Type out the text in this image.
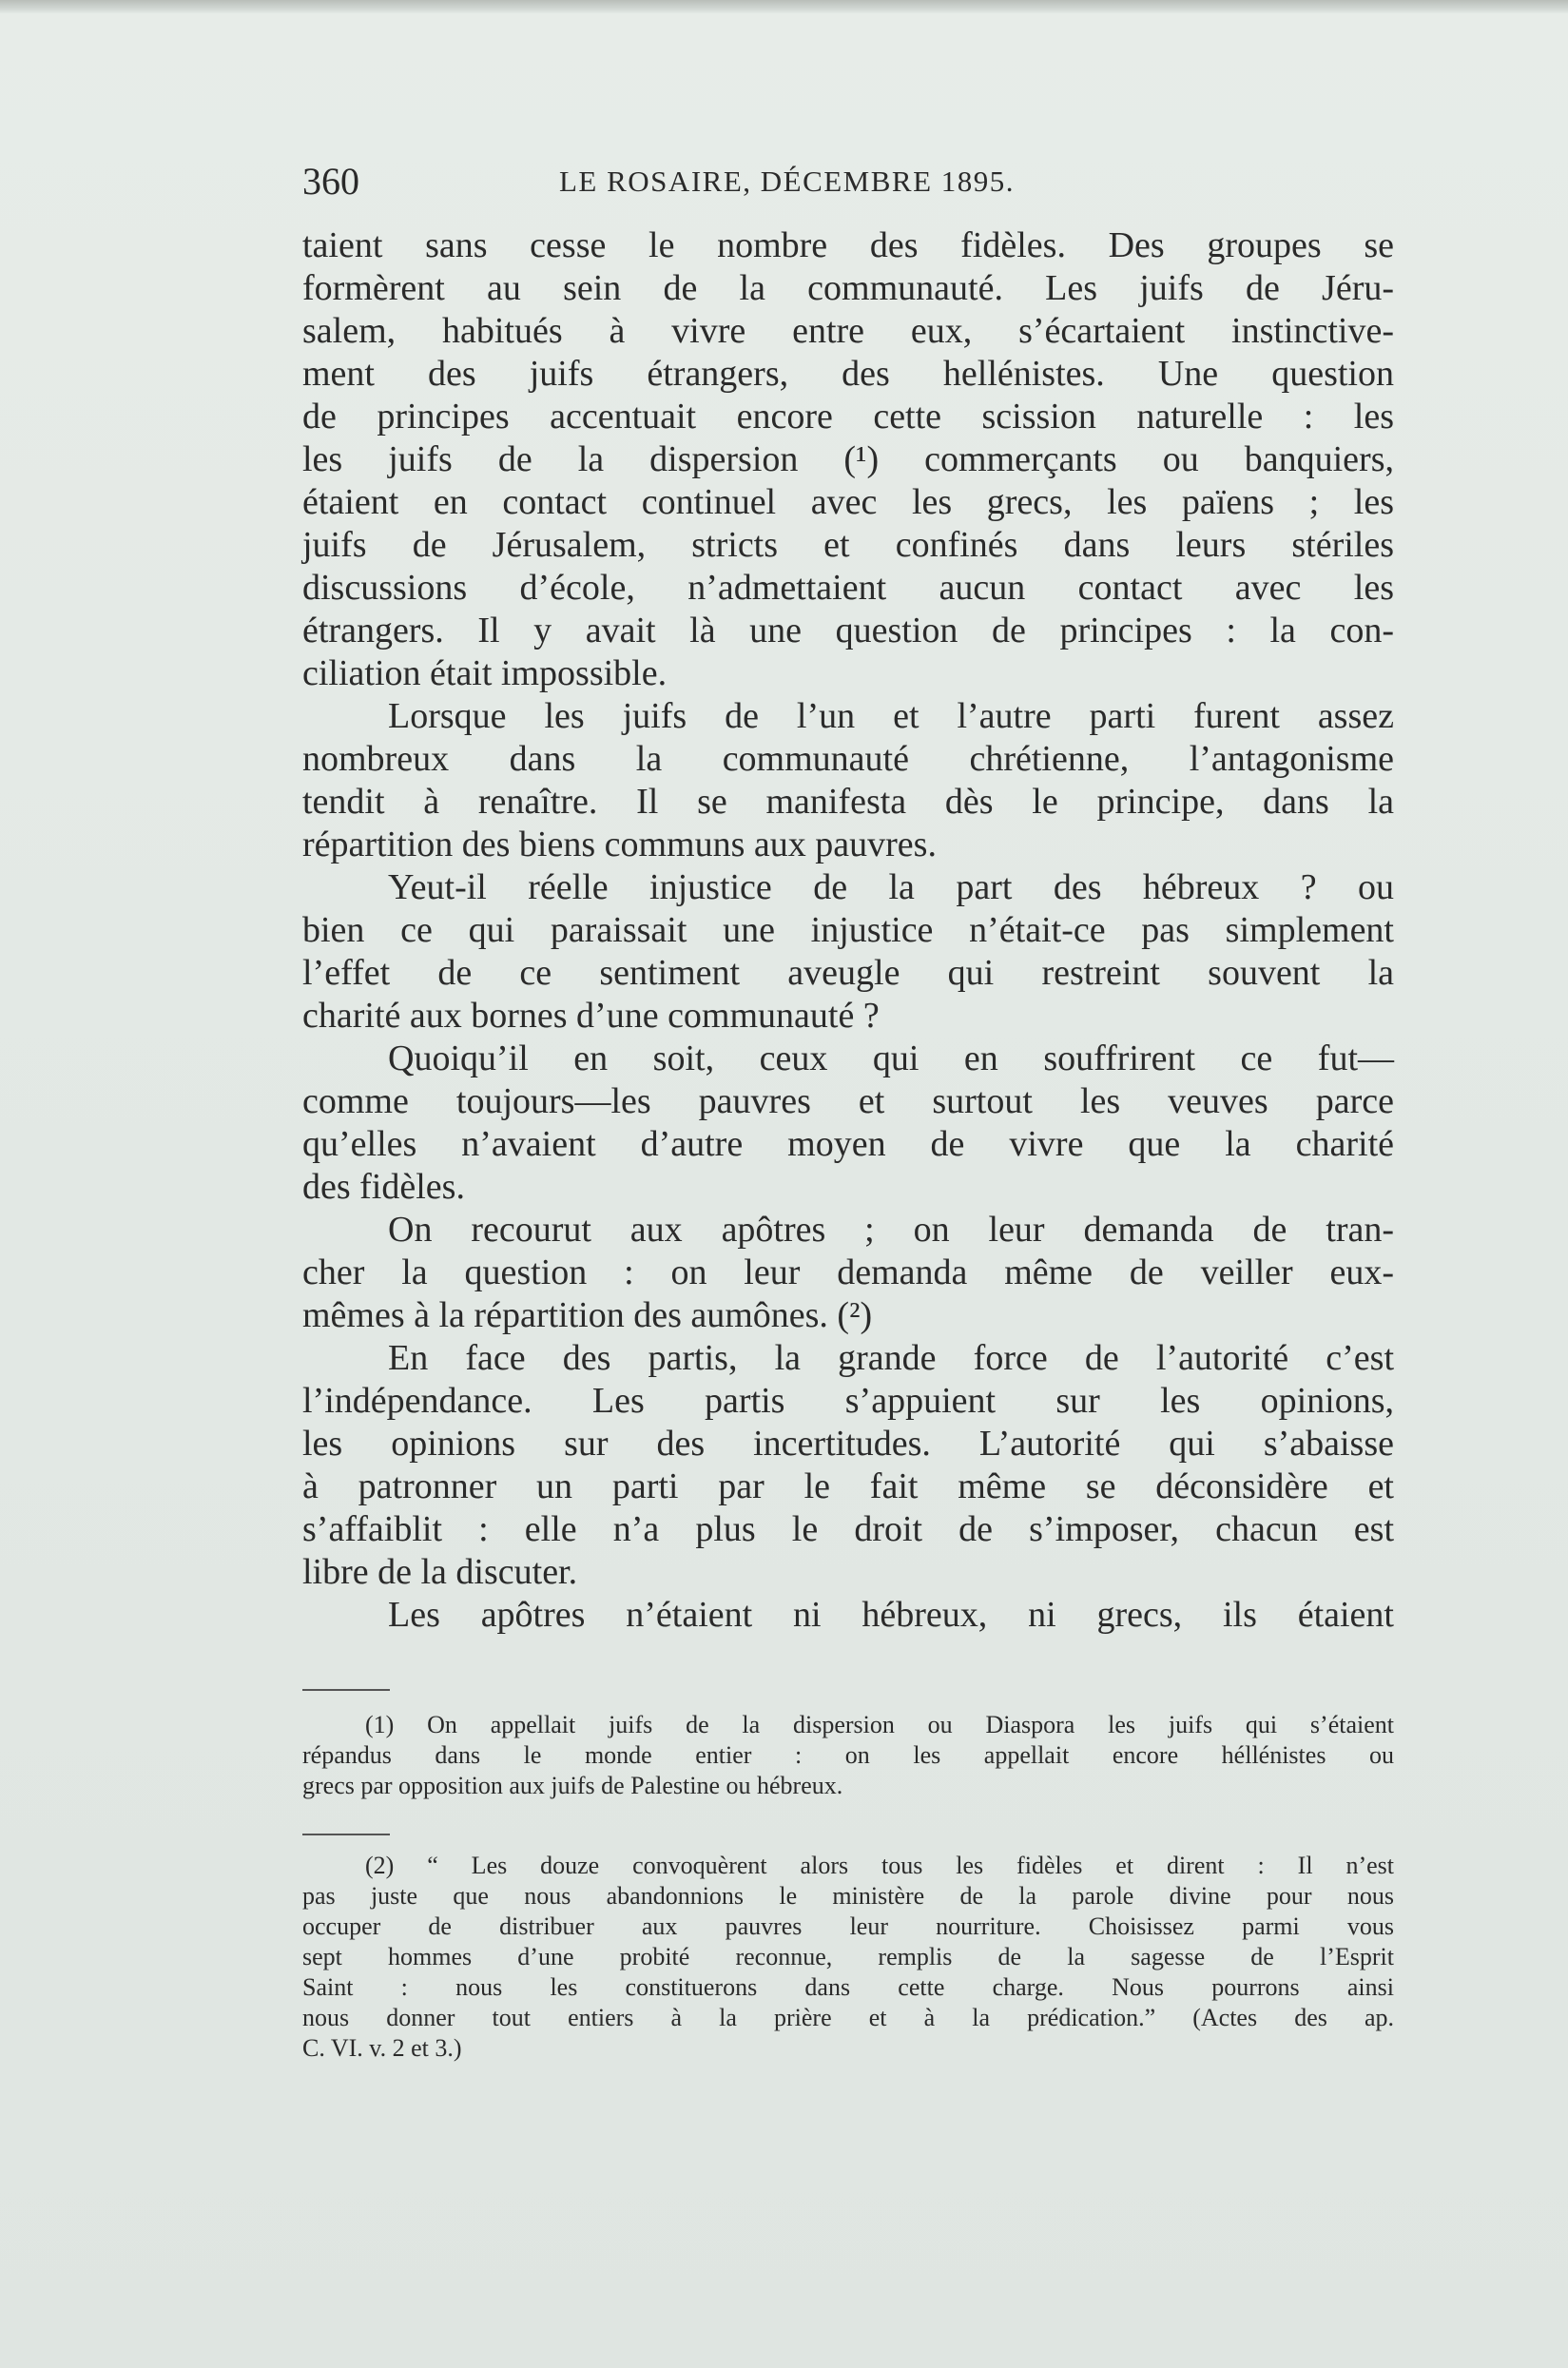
360	LE ROSAIRE, DÉCEMBRE 1895.
taient sans cesse le nombre des fidèles. Des groupes se
formèrent au sein de la communauté. Les juifs de Jéru-
salem, habitués à vivre entre eux, s’écartaient instinctive-
ment des juifs étrangers, des hellénistes. Une question
de principes accentuait encore cette scission naturelle : les
les juifs de la dispersion (¹) commerçants ou banquiers,
étaient en contact continuel avec les grecs, les païens ; les
juifs de Jérusalem, stricts et confinés dans leurs stériles
discussions d’école, n’admettaient aucun contact avec les
étrangers. Il y avait là une question de principes : la con-
ciliation était impossible.
Lorsque les juifs de l’un et l’autre parti furent assez
nombreux dans la communauté chrétienne, l’antagonisme
tendit à renaître. Il se manifesta dès le principe, dans la
répartition des biens communs aux pauvres.
Yeut-il réelle injustice de la part des hébreux ? ou
bien ce qui paraissait une injustice n’était-ce pas simplement
l’effet de ce sentiment aveugle qui restreint souvent la
charité aux bornes d’une communauté ?
Quoiqu’il en soit, ceux qui en souffrirent ce fut—
comme toujours—les pauvres et surtout les veuves parce
qu’elles n’avaient d’autre moyen de vivre que la charité
des fidèles.
On recourut aux apôtres ; on leur demanda de tran-
cher la question : on leur demanda même de veiller eux-
mêmes à la répartition des aumônes. (²)
En face des partis, la grande force de l’autorité c’est
l’indépendance. Les partis s’appuient sur les opinions,
les opinions sur des incertitudes. L’autorité qui s’abaisse
à patronner un parti par le fait même se déconsidère et
s’affaiblit : elle n’a plus le droit de s’imposer, chacun est
libre de la discuter.
Les apôtres n’étaient ni hébreux, ni grecs, ils étaient
(1) On appellait juifs de la dispersion ou Diaspora les juifs qui s’étaient
répandus dans le monde entier : on les appellait encore héllénistes ou
grecs par opposition aux juifs de Palestine ou hébreux.
(2) “ Les douze convoquèrent alors tous les fidèles et dirent : Il n’est
pas juste que nous abandonnions le ministère de la parole divine pour nous
occuper de distribuer aux pauvres leur nourriture. Choisissez parmi vous
sept hommes d’une probité reconnue, remplis de la sagesse de l’Esprit
Saint : nous les constituerons dans cette charge. Nous pourrons ainsi
nous donner tout entiers à la prière et à la prédication.” (Actes des ap.
C. VI. v. 2 et 3.)
